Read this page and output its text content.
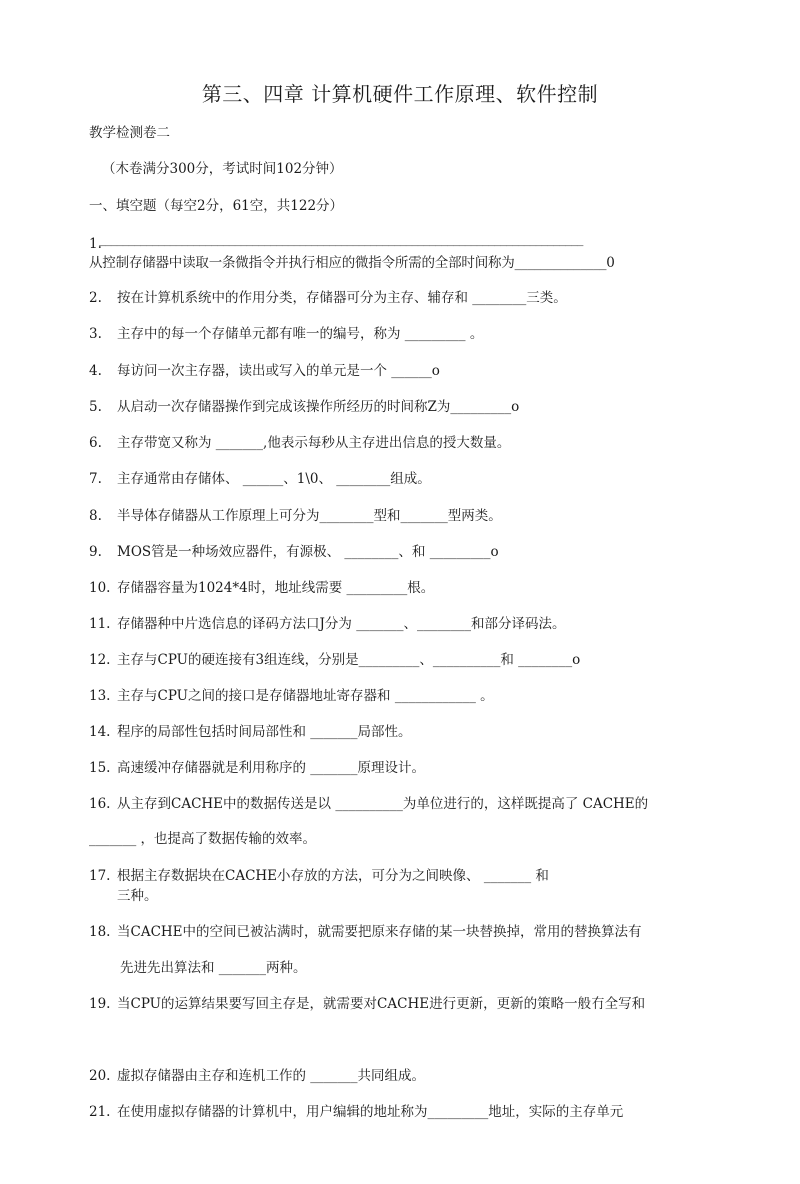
第三、四章 计算机硬件工作原理、软件控制
教学检测卷二
（木卷满分300分，考试时间102分钟）
一、填空题（每空2分，61空，共122分）
1.
__________________________________________________________________________________
从控制存储器中读取一条微指令并执行相应的微指令所需的全部时间称为______________0
2. 按在计算机系统中的作用分类，存储器可分为主存、辅存和 ________三类。
3. 主存中的每一个存储单元都有唯一的编号，称为 _________ 。
4. 每访问一次主存器，读出或写入的单元是一个 ______o
5. 从启动一次存储器操作到完成该操作所经历的时间称Z为_________o
6. 主存带宽又称为 _______,他表示每秒从主存进出信息的授大数量。
7. 主存通常由存储体、 ______、1\0、 ________组成。
8. 半导体存储器从工作原理上可分为________型和_______型两类。
9. MOS管是一种场效应器件，有源极、 ________、和 _________o
10. 存储器容量为1024*4时，地址线需要 _________根。
11. 存储器种中片选信息的译码方法口J分为 _______、________和部分译码法。
12. 主存与CPU的硬连接有3组连线，分别是_________、__________和 ________o
13. 主存与CPU之间的接口是存储器地址寄存器和 ____________ 。
14. 程序的局部性包括时间局部性和 _______局部性。
15. 高速缓冲存储器就是利用称序的 _______原理设计。
16. 从主存到CACHE中的数据传送是以 __________为单位进行的，这样既提高了 CACHE的
_______ ，也提高了数据传输的效率。
17. 根据主存数据块在CACHE小存放的方法，可分为之间映像、 _______ 和
三种。
18. 当CACHE中的空间已被沾满时，就需要把原来存储的某一块替换掉，常用的替换算法有
先进先出算法和 _______两种。
19. 当CPU的运算结果要写回主存是，就需要对CACHE进行更新，更新的策略一般冇全写和
20. 虚拟存储器由主存和连机工作的 _______共同组成。
21. 在使用虚拟存储器的计算机中，用户编辑的地址称为_________地址，实际的主存单元
